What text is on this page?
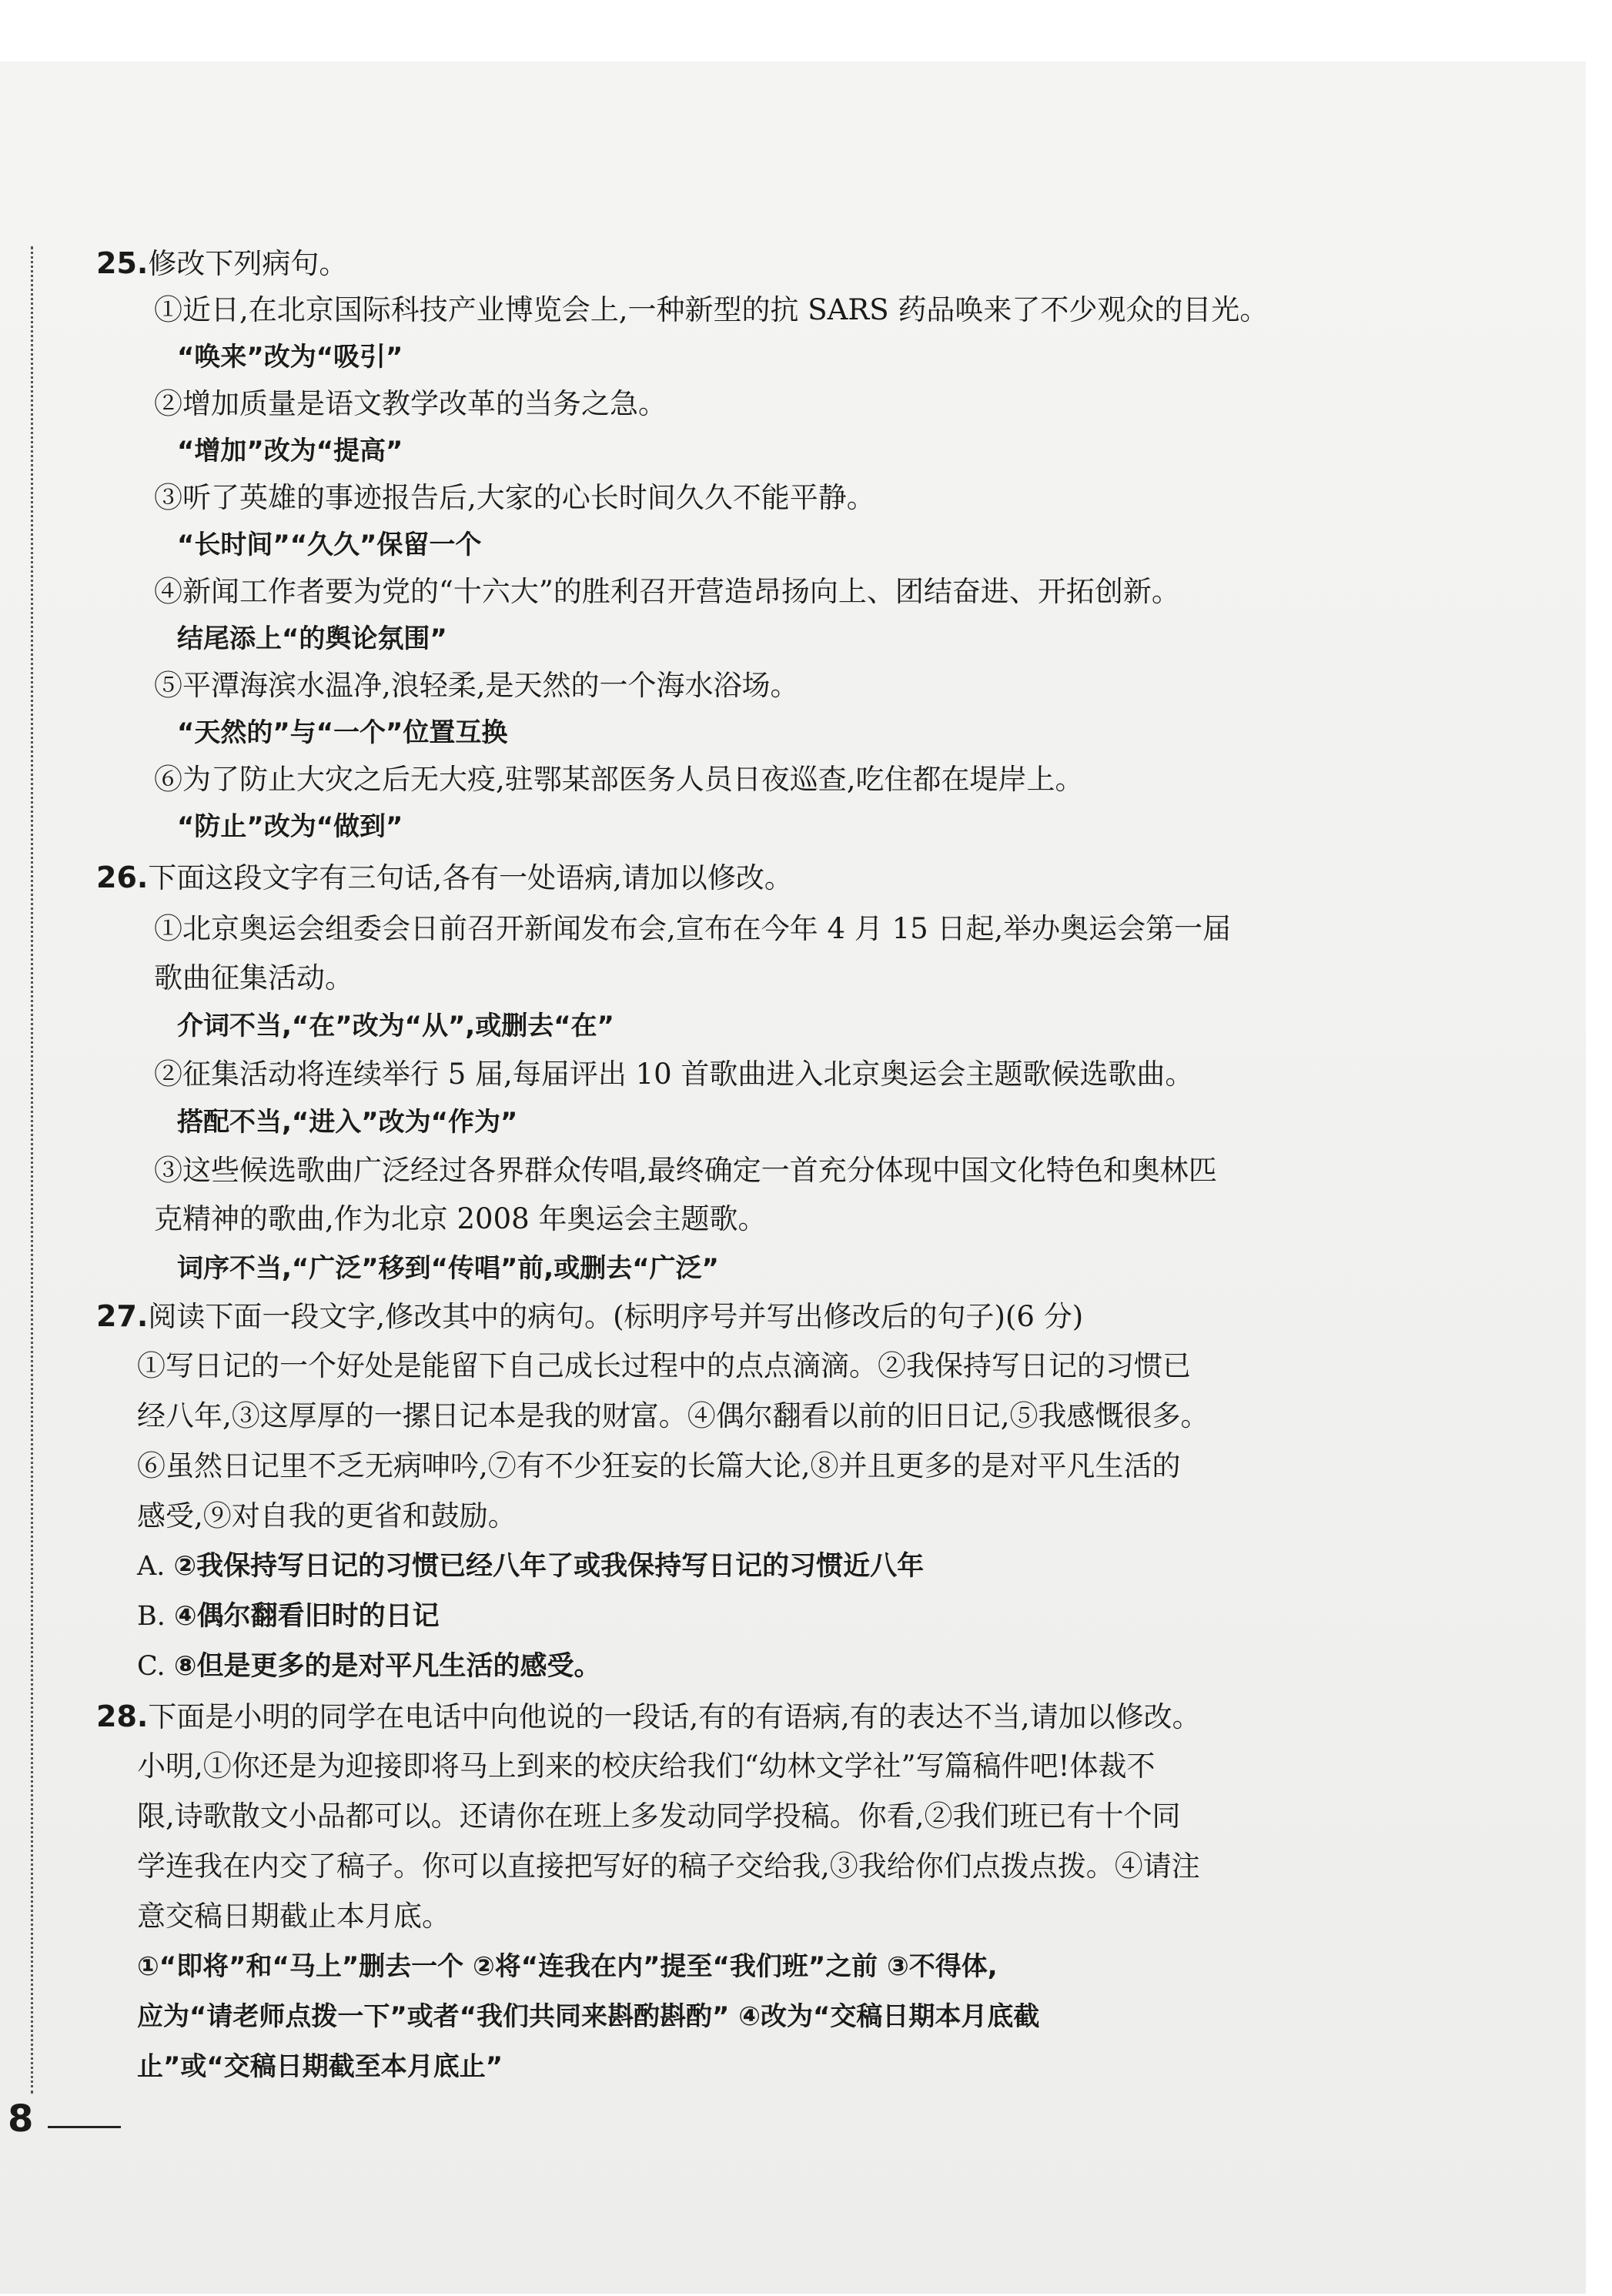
25.修改下列病句。
①近日,在北京国际科技产业博览会上,一种新型的抗 SARS 药品唤来了不少观众的目光。
“唤来”改为“吸引”
②增加质量是语文教学改革的当务之急。
“增加”改为“提高”
③听了英雄的事迹报告后,大家的心长时间久久不能平静。
“长时间”“久久”保留一个
④新闻工作者要为党的“十六大”的胜利召开营造昂扬向上、团结奋进、开拓创新。
结尾添上“的舆论氛围”
⑤平潭海滨水温净,浪轻柔,是天然的一个海水浴场。
“天然的”与“一个”位置互换
⑥为了防止大灾之后无大疫,驻鄂某部医务人员日夜巡查,吃住都在堤岸上。
“防止”改为“做到”
26.下面这段文字有三句话,各有一处语病,请加以修改。
①北京奥运会组委会日前召开新闻发布会,宣布在今年 4 月 15 日起,举办奥运会第一届
歌曲征集活动。
介词不当,“在”改为“从”,或删去“在”
②征集活动将连续举行 5 届,每届评出 10 首歌曲进入北京奥运会主题歌候选歌曲。
搭配不当,“进入”改为“作为”
③这些候选歌曲广泛经过各界群众传唱,最终确定一首充分体现中国文化特色和奥林匹
克精神的歌曲,作为北京 2008 年奥运会主题歌。
词序不当,“广泛”移到“传唱”前,或删去“广泛”
27.阅读下面一段文字,修改其中的病句。(标明序号并写出修改后的句子)(6 分)
①写日记的一个好处是能留下自己成长过程中的点点滴滴。②我保持写日记的习惯已
经八年,③这厚厚的一摞日记本是我的财富。④偶尔翻看以前的旧日记,⑤我感慨很多。
⑥虽然日记里不乏无病呻吟,⑦有不少狂妄的长篇大论,⑧并且更多的是对平凡生活的
感受,⑨对自我的更省和鼓励。
A. ②我保持写日记的习惯已经八年了或我保持写日记的习惯近八年
B. ④偶尔翻看旧时的日记
C. ⑧但是更多的是对平凡生活的感受。
28.下面是小明的同学在电话中向他说的一段话,有的有语病,有的表达不当,请加以修改。
小明,①你还是为迎接即将马上到来的校庆给我们“幼林文学社”写篇稿件吧!体裁不
限,诗歌散文小品都可以。还请你在班上多发动同学投稿。你看,②我们班已有十个同
学连我在内交了稿子。你可以直接把写好的稿子交给我,③我给你们点拨点拨。④请注
意交稿日期截止本月底。
①“即将”和“马上”删去一个 ②将“连我在内”提至“我们班”之前 ③不得体,
应为“请老师点拨一下”或者“我们共同来斟酌斟酌” ④改为“交稿日期本月底截
止”或“交稿日期截至本月底止”
8
